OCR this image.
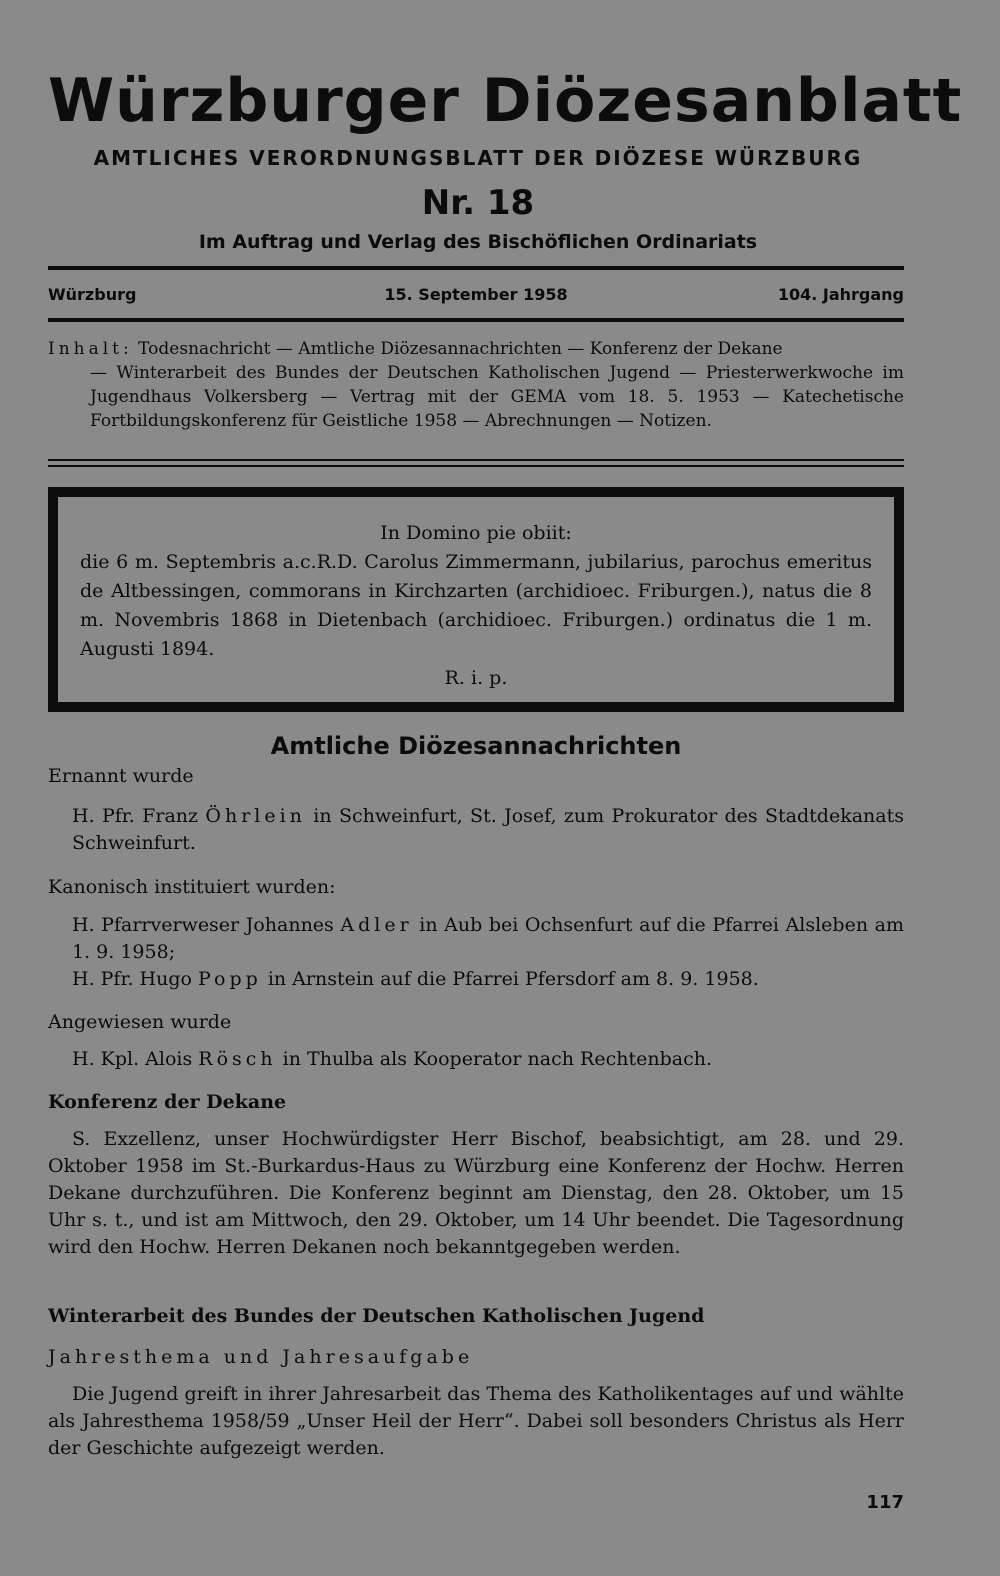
Würzburger Diözesanblatt
AMTLICHES VERORDNUNGSBLATT DER DIÖZESE WÜRZBURG
Nr. 18
Im Auftrag und Verlag des Bischöflichen Ordinariats
Würzburg	15. September 1958	104. Jahrgang
Inhalt: Todesnachricht — Amtliche Diözesannachrichten — Konferenz der Dekane
— Winterarbeit des Bundes der Deutschen Katholischen Jugend — Priesterwerkwoche im Jugendhaus Volkersberg — Vertrag mit der GEMA vom 18. 5. 1953 — Katechetische Fortbildungskonferenz für Geistliche 1958 — Abrechnungen — Notizen.
In Domino pie obiit:
die 6 m. Septembris a.c.R.D. Carolus Zimmermann, jubilarius, parochus emeritus de Altbessingen, commorans in Kirchzarten (archidioec. Friburgen.), natus die 8 m. Novembris 1868 in Dietenbach (archidioec. Friburgen.) ordinatus die 1 m. Augusti 1894.
R. i. p.
Amtliche Diözesannachrichten
Ernannt wurde
H. Pfr. Franz Öhrlein in Schweinfurt, St. Josef, zum Prokurator des Stadtdekanats Schweinfurt.
Kanonisch instituiert wurden:
H. Pfarrverweser Johannes Adler in Aub bei Ochsenfurt auf die Pfarrei Alsleben am 1. 9. 1958;
H. Pfr. Hugo Popp in Arnstein auf die Pfarrei Pfersdorf am 8. 9. 1958.
Angewiesen wurde
H. Kpl. Alois Rösch in Thulba als Kooperator nach Rechtenbach.
Konferenz der Dekane
S. Exzellenz, unser Hochwürdigster Herr Bischof, beabsichtigt, am 28. und 29. Oktober 1958 im St.-Burkardus-Haus zu Würzburg eine Konferenz der Hochw. Herren Dekane durchzuführen. Die Konferenz beginnt am Dienstag, den 28. Oktober, um 15 Uhr s. t., und ist am Mittwoch, den 29. Oktober, um 14 Uhr beendet. Die Tagesordnung wird den Hochw. Herren Dekanen noch bekanntgegeben werden.
Winterarbeit des Bundes der Deutschen Katholischen Jugend
Jahresthema und Jahresaufgabe
Die Jugend greift in ihrer Jahresarbeit das Thema des Katholikentages auf und wählte als Jahresthema 1958/59 „Unser Heil der Herr“. Dabei soll besonders Christus als Herr der Geschichte aufgezeigt werden.
117
